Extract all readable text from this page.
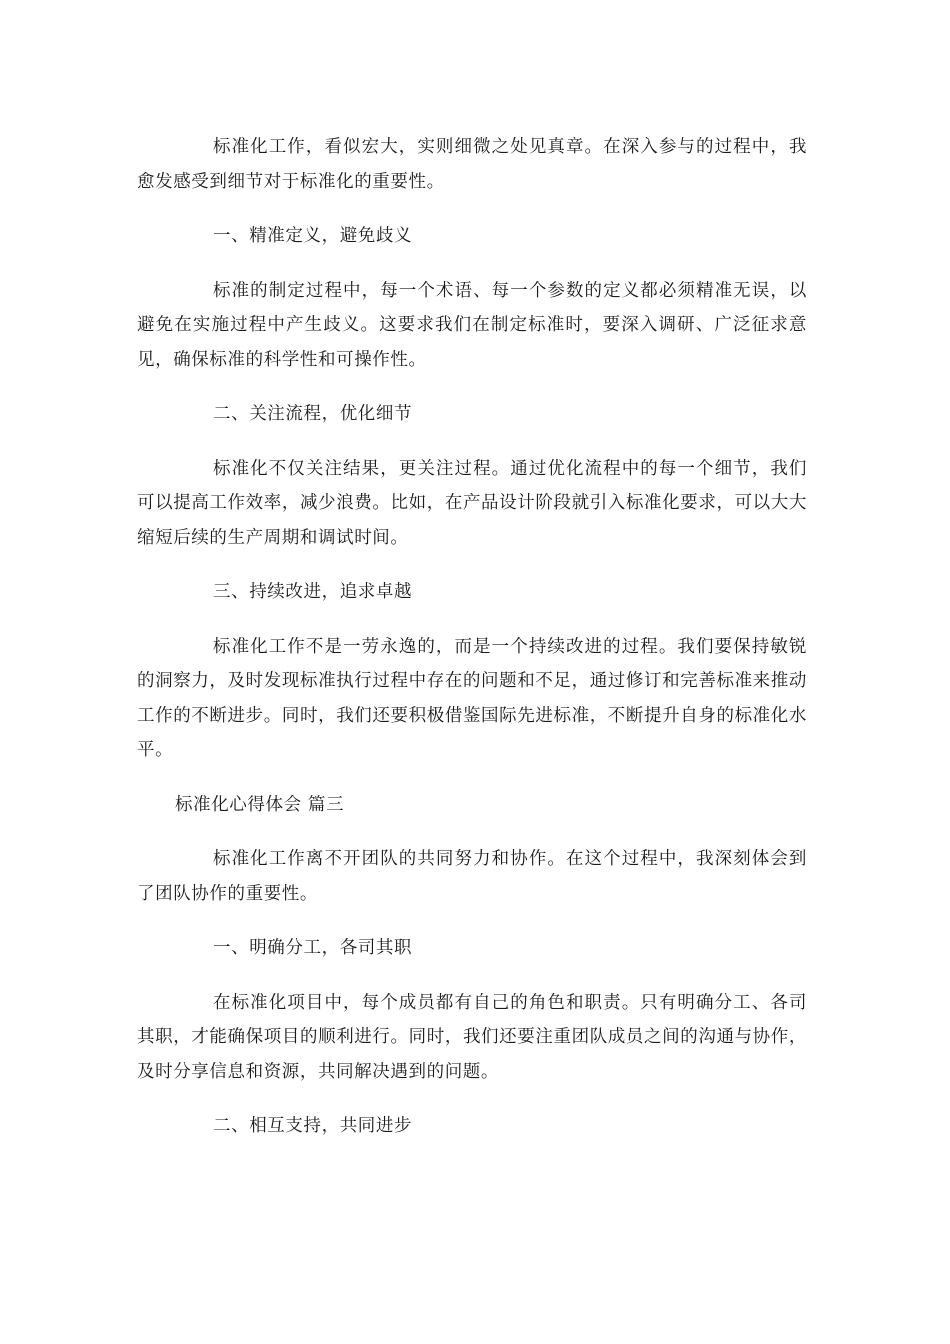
标准化工作，看似宏大，实则细微之处见真章。在深入参与的过程中，我愈发感受到细节对于标准化的重要性。

一、精准定义，避免歧义

标准的制定过程中，每一个术语、每一个参数的定义都必须精准无误，以避免在实施过程中产生歧义。这要求我们在制定标准时，要深入调研、广泛征求意见，确保标准的科学性和可操作性。

二、关注流程，优化细节

标准化不仅关注结果，更关注过程。通过优化流程中的每一个细节，我们可以提高工作效率，减少浪费。比如，在产品设计阶段就引入标准化要求，可以大大缩短后续的生产周期和调试时间。

三、持续改进，追求卓越

标准化工作不是一劳永逸的，而是一个持续改进的过程。我们要保持敏锐的洞察力，及时发现标准执行过程中存在的问题和不足，通过修订和完善标准来推动工作的不断进步。同时，我们还要积极借鉴国际先进标准，不断提升自身的标准化水平。

标准化心得体会 篇三

标准化工作离不开团队的共同努力和协作。在这个过程中，我深刻体会到了团队协作的重要性。

一、明确分工，各司其职

在标准化项目中，每个成员都有自己的角色和职责。只有明确分工、各司其职，才能确保项目的顺利进行。同时，我们还要注重团队成员之间的沟通与协作，及时分享信息和资源，共同解决遇到的问题。

二、相互支持，共同进步
